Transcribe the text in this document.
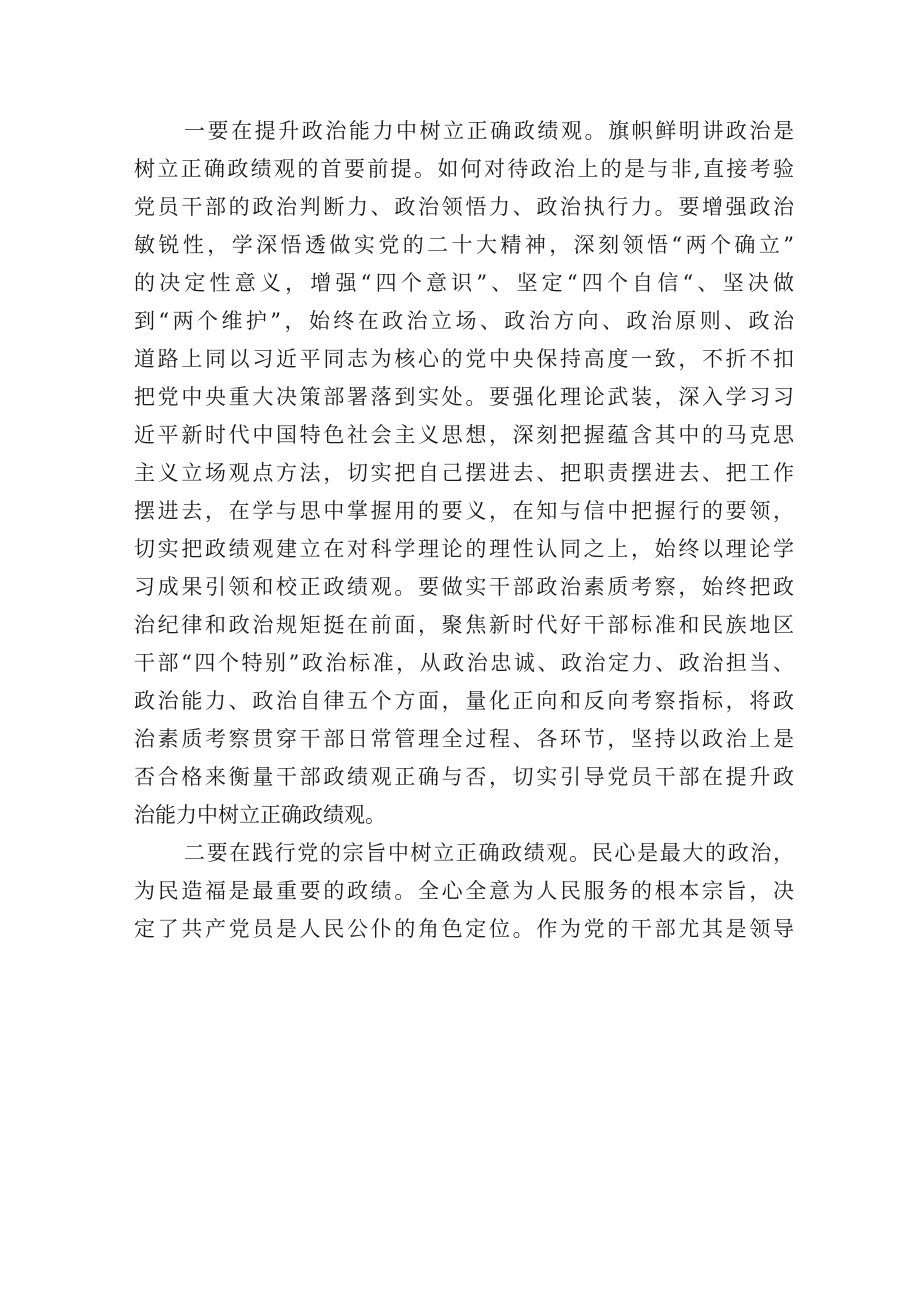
一要在提升政治能力中树立正确政绩观。旗帜鲜明讲政治是
树立正确政绩观的首要前提。如何对待政治上的是与非,直接考验
党员干部的政治判断力、政治领悟力、政治执行力。要增强政治
敏锐性，学深悟透做实党的二十大精神，深刻领悟“两个确立”
的决定性意义，增强“四个意识”、坚定“四个自信“、坚决做
到“两个维护”，始终在政治立场、政治方向、政治原则、政治
道路上同以习近平同志为核心的党中央保持高度一致，不折不扣
把党中央重大决策部署落到实处。要强化理论武装，深入学习习
近平新时代中国特色社会主义思想，深刻把握蕴含其中的马克思
主义立场观点方法，切实把自己摆进去、把职责摆进去、把工作
摆进去，在学与思中掌握用的要义，在知与信中把握行的要领，
切实把政绩观建立在对科学理论的理性认同之上，始终以理论学
习成果引领和校正政绩观。要做实干部政治素质考察，始终把政
治纪律和政治规矩挺在前面，聚焦新时代好干部标准和民族地区
干部“四个特别”政治标准，从政治忠诚、政治定力、政治担当、
政治能力、政治自律五个方面，量化正向和反向考察指标，将政
治素质考察贯穿干部日常管理全过程、各环节，坚持以政治上是
否合格来衡量干部政绩观正确与否，切实引导党员干部在提升政
治能力中树立正确政绩观。
二要在践行党的宗旨中树立正确政绩观。民心是最大的政治，
为民造福是最重要的政绩。全心全意为人民服务的根本宗旨，决
定了共产党员是人民公仆的角色定位。作为党的干部尤其是领导
